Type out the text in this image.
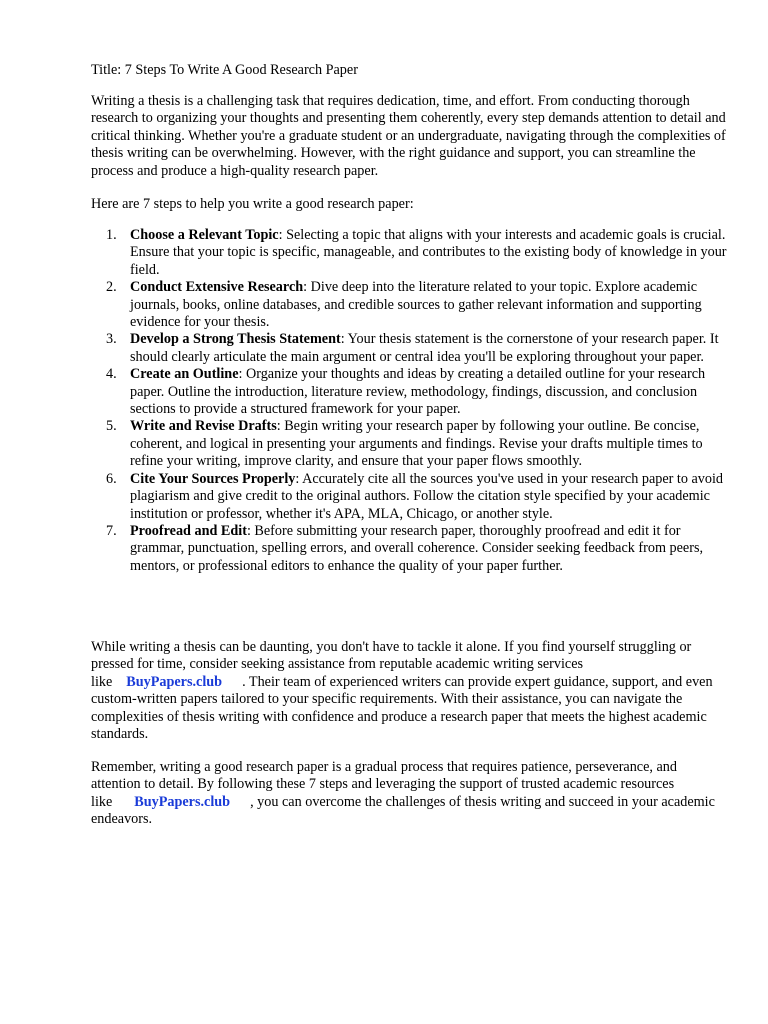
Title: 7 Steps To Write A Good Research Paper

Writing a thesis is a challenging task that requires dedication, time, and effort. From conducting thorough research to organizing your thoughts and presenting them coherently, every step demands attention to detail and critical thinking. Whether you're a graduate student or an undergraduate, navigating through the complexities of thesis writing can be overwhelming. However, with the right guidance and support, you can streamline the process and produce a high-quality research paper.

Here are 7 steps to help you write a good research paper:

1. Choose a Relevant Topic: Selecting a topic that aligns with your interests and academic goals is crucial. Ensure that your topic is specific, manageable, and contributes to the existing body of knowledge in your field.
2. Conduct Extensive Research: Dive deep into the literature related to your topic. Explore academic journals, books, online databases, and credible sources to gather relevant information and supporting evidence for your thesis.
3. Develop a Strong Thesis Statement: Your thesis statement is the cornerstone of your research paper. It should clearly articulate the main argument or central idea you'll be exploring throughout your paper.
4. Create an Outline: Organize your thoughts and ideas by creating a detailed outline for your research paper. Outline the introduction, literature review, methodology, findings, discussion, and conclusion sections to provide a structured framework for your paper.
5. Write and Revise Drafts: Begin writing your research paper by following your outline. Be concise, coherent, and logical in presenting your arguments and findings. Revise your drafts multiple times to refine your writing, improve clarity, and ensure that your paper flows smoothly.
6. Cite Your Sources Properly: Accurately cite all the sources you've used in your research paper to avoid plagiarism and give credit to the original authors. Follow the citation style specified by your academic institution or professor, whether it's APA, MLA, Chicago, or another style.
7. Proofread and Edit: Before submitting your research paper, thoroughly proofread and edit it for grammar, punctuation, spelling errors, and overall coherence. Consider seeking feedback from peers, mentors, or professional editors to enhance the quality of your paper further.

While writing a thesis can be daunting, you don't have to tackle it alone. If you find yourself struggling or pressed for time, consider seeking assistance from reputable academic writing services like BuyPapers.club . Their team of experienced writers can provide expert guidance, support, and even custom-written papers tailored to your specific requirements. With their assistance, you can navigate the complexities of thesis writing with confidence and produce a research paper that meets the highest academic standards.

Remember, writing a good research paper is a gradual process that requires patience, perseverance, and attention to detail. By following these 7 steps and leveraging the support of trusted academic resources like BuyPapers.club , you can overcome the challenges of thesis writing and succeed in your academic endeavors.
